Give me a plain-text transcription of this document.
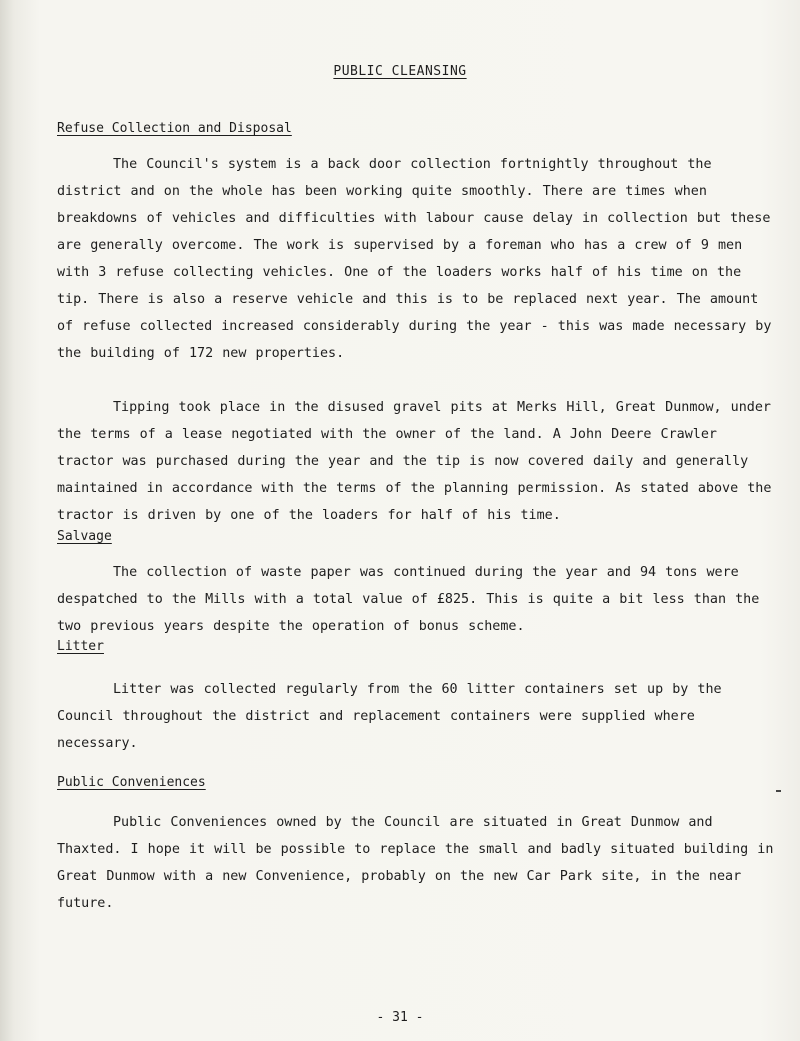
PUBLIC CLEANSING
Refuse Collection and Disposal
The Council's system is a back door collection fortnightly throughout the district and on the whole has been working quite smoothly. There are times when breakdowns of vehicles and difficulties with labour cause delay in collection but these are generally overcome. The work is supervised by a foreman who has a crew of 9 men with 3 refuse collecting vehicles. One of the loaders works half of his time on the tip. There is also a reserve vehicle and this is to be replaced next year. The amount of refuse collected increased considerably during the year - this was made necessary by the building of 172 new properties.
Tipping took place in the disused gravel pits at Merks Hill, Great Dunmow, under the terms of a lease negotiated with the owner of the land. A John Deere Crawler tractor was purchased during the year and the tip is now covered daily and generally maintained in accordance with the terms of the planning permission. As stated above the tractor is driven by one of the loaders for half of his time.
Salvage
The collection of waste paper was continued during the year and 94 tons were despatched to the Mills with a total value of £825. This is quite a bit less than the two previous years despite the operation of bonus scheme.
Litter
Litter was collected regularly from the 60 litter containers set up by the Council throughout the district and replacement containers were supplied where necessary.
Public Conveniences
Public Conveniences owned by the Council are situated in Great Dunmow and Thaxted. I hope it will be possible to replace the small and badly situated building in Great Dunmow with a new Convenience, probably on the new Car Park site, in the near future.
- 31 -
